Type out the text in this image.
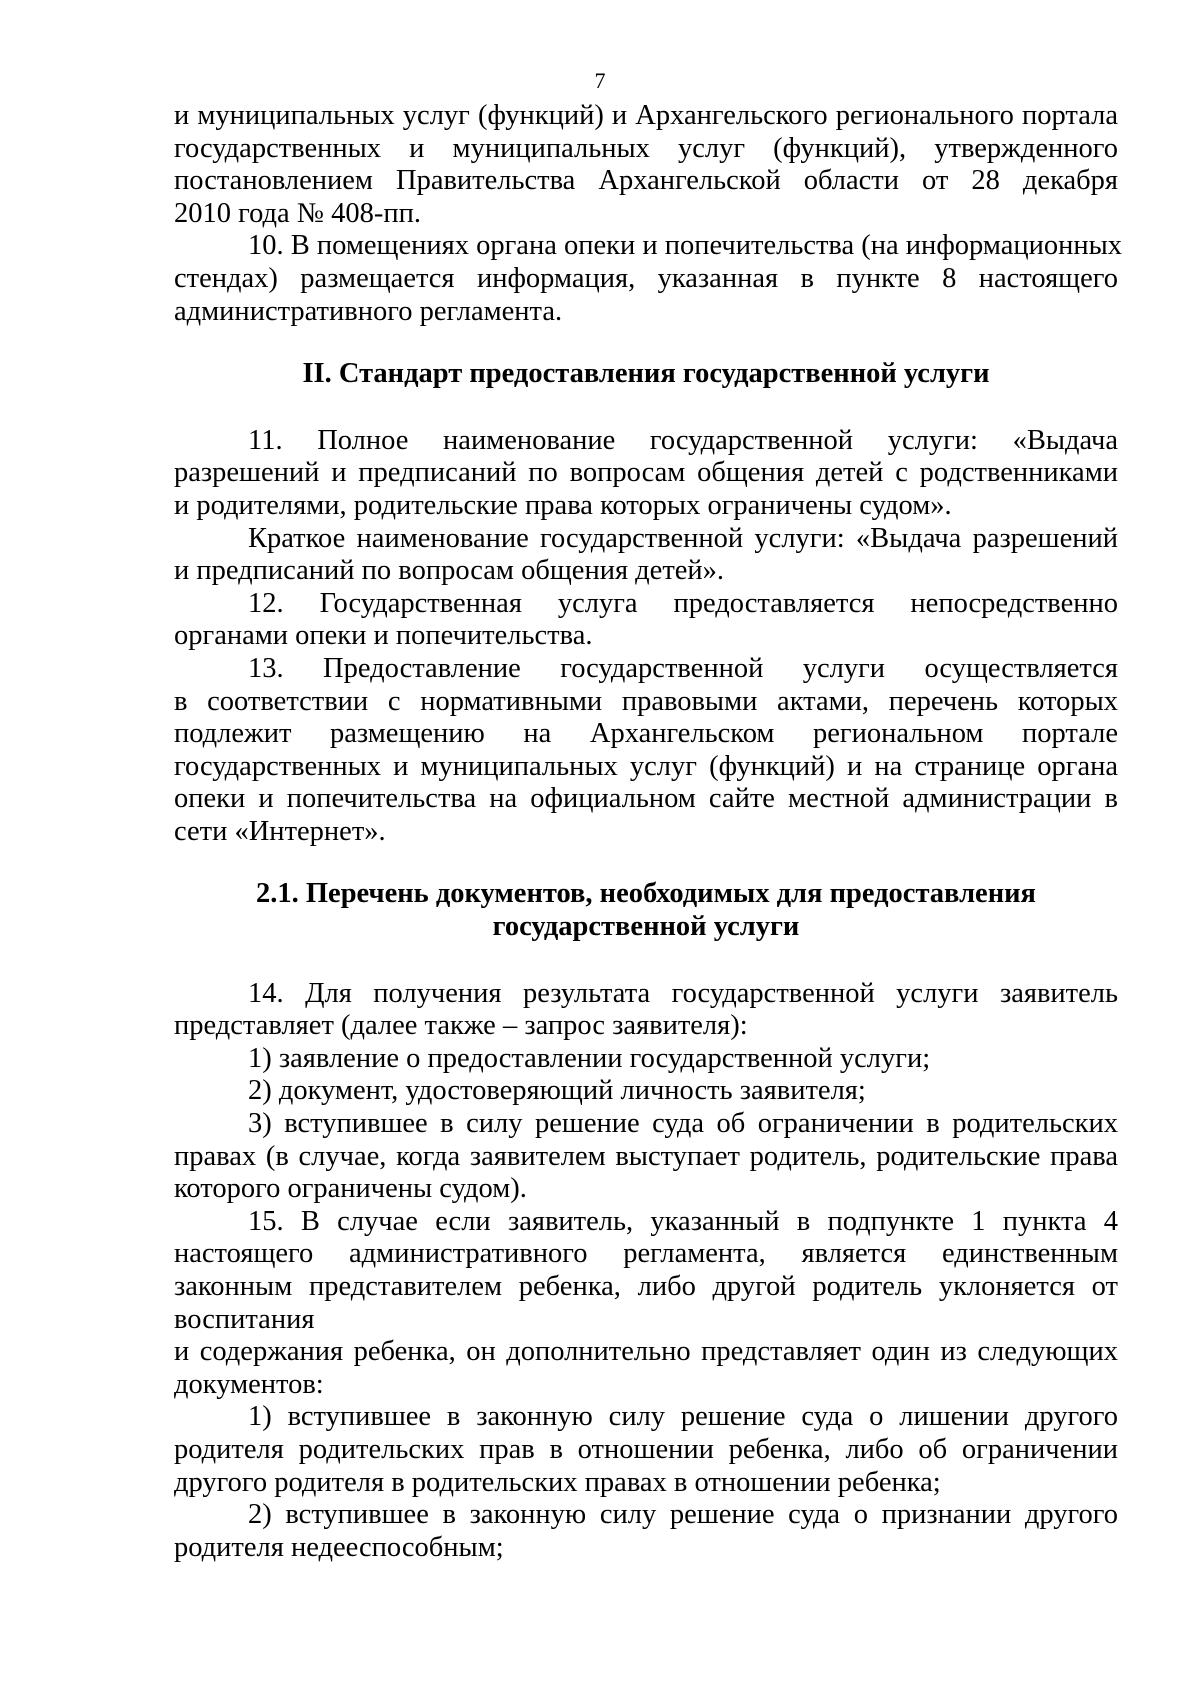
7
и муниципальных услуг (функций) и Архангельского регионального портала
государственных и муниципальных услуг (функций), утвержденного
постановлением Правительства Архангельской области от 28 декабря
2010 года № 408-пп.
10. В помещениях органа опеки и попечительства (на информационных
стендах) размещается информация, указанная в пункте 8 настоящего
административного регламента.
II. Стандарт предоставления государственной услуги
11. Полное наименование государственной услуги: «Выдача
разрешений и предписаний по вопросам общения детей с родственниками
и родителями, родительские права которых ограничены судом».
Краткое наименование государственной услуги: «Выдача разрешений
и предписаний по вопросам общения детей».
12. Государственная услуга предоставляется непосредственно
органами опеки и попечительства.
13. Предоставление государственной услуги осуществляется
в соответствии с нормативными правовыми актами, перечень которых
подлежит размещению на Архангельском региональном портале
государственных и муниципальных услуг (функций) и на странице органа
опеки и попечительства на официальном сайте местной администрации в
сети «Интернет».
2.1. Перечень документов, необходимых для предоставления
государственной услуги
14. Для получения результата государственной услуги заявитель
представляет (далее также – запрос заявителя):
1) заявление о предоставлении государственной услуги;
2) документ, удостоверяющий личность заявителя;
3) вступившее в силу решение суда об ограничении в родительских
правах (в случае, когда заявителем выступает родитель, родительские права
которого ограничены судом).
15. В случае если заявитель, указанный в подпункте 1 пункта 4
настоящего административного регламента, является единственным
законным представителем ребенка, либо другой родитель уклоняется от
воспитания
и содержания ребенка, он дополнительно представляет один из следующих
документов:
1) вступившее в законную силу решение суда о лишении другого
родителя родительских прав в отношении ребенка, либо об ограничении
другого родителя в родительских правах в отношении ребенка;
2) вступившее в законную силу решение суда о признании другого
родителя недееспособным;
